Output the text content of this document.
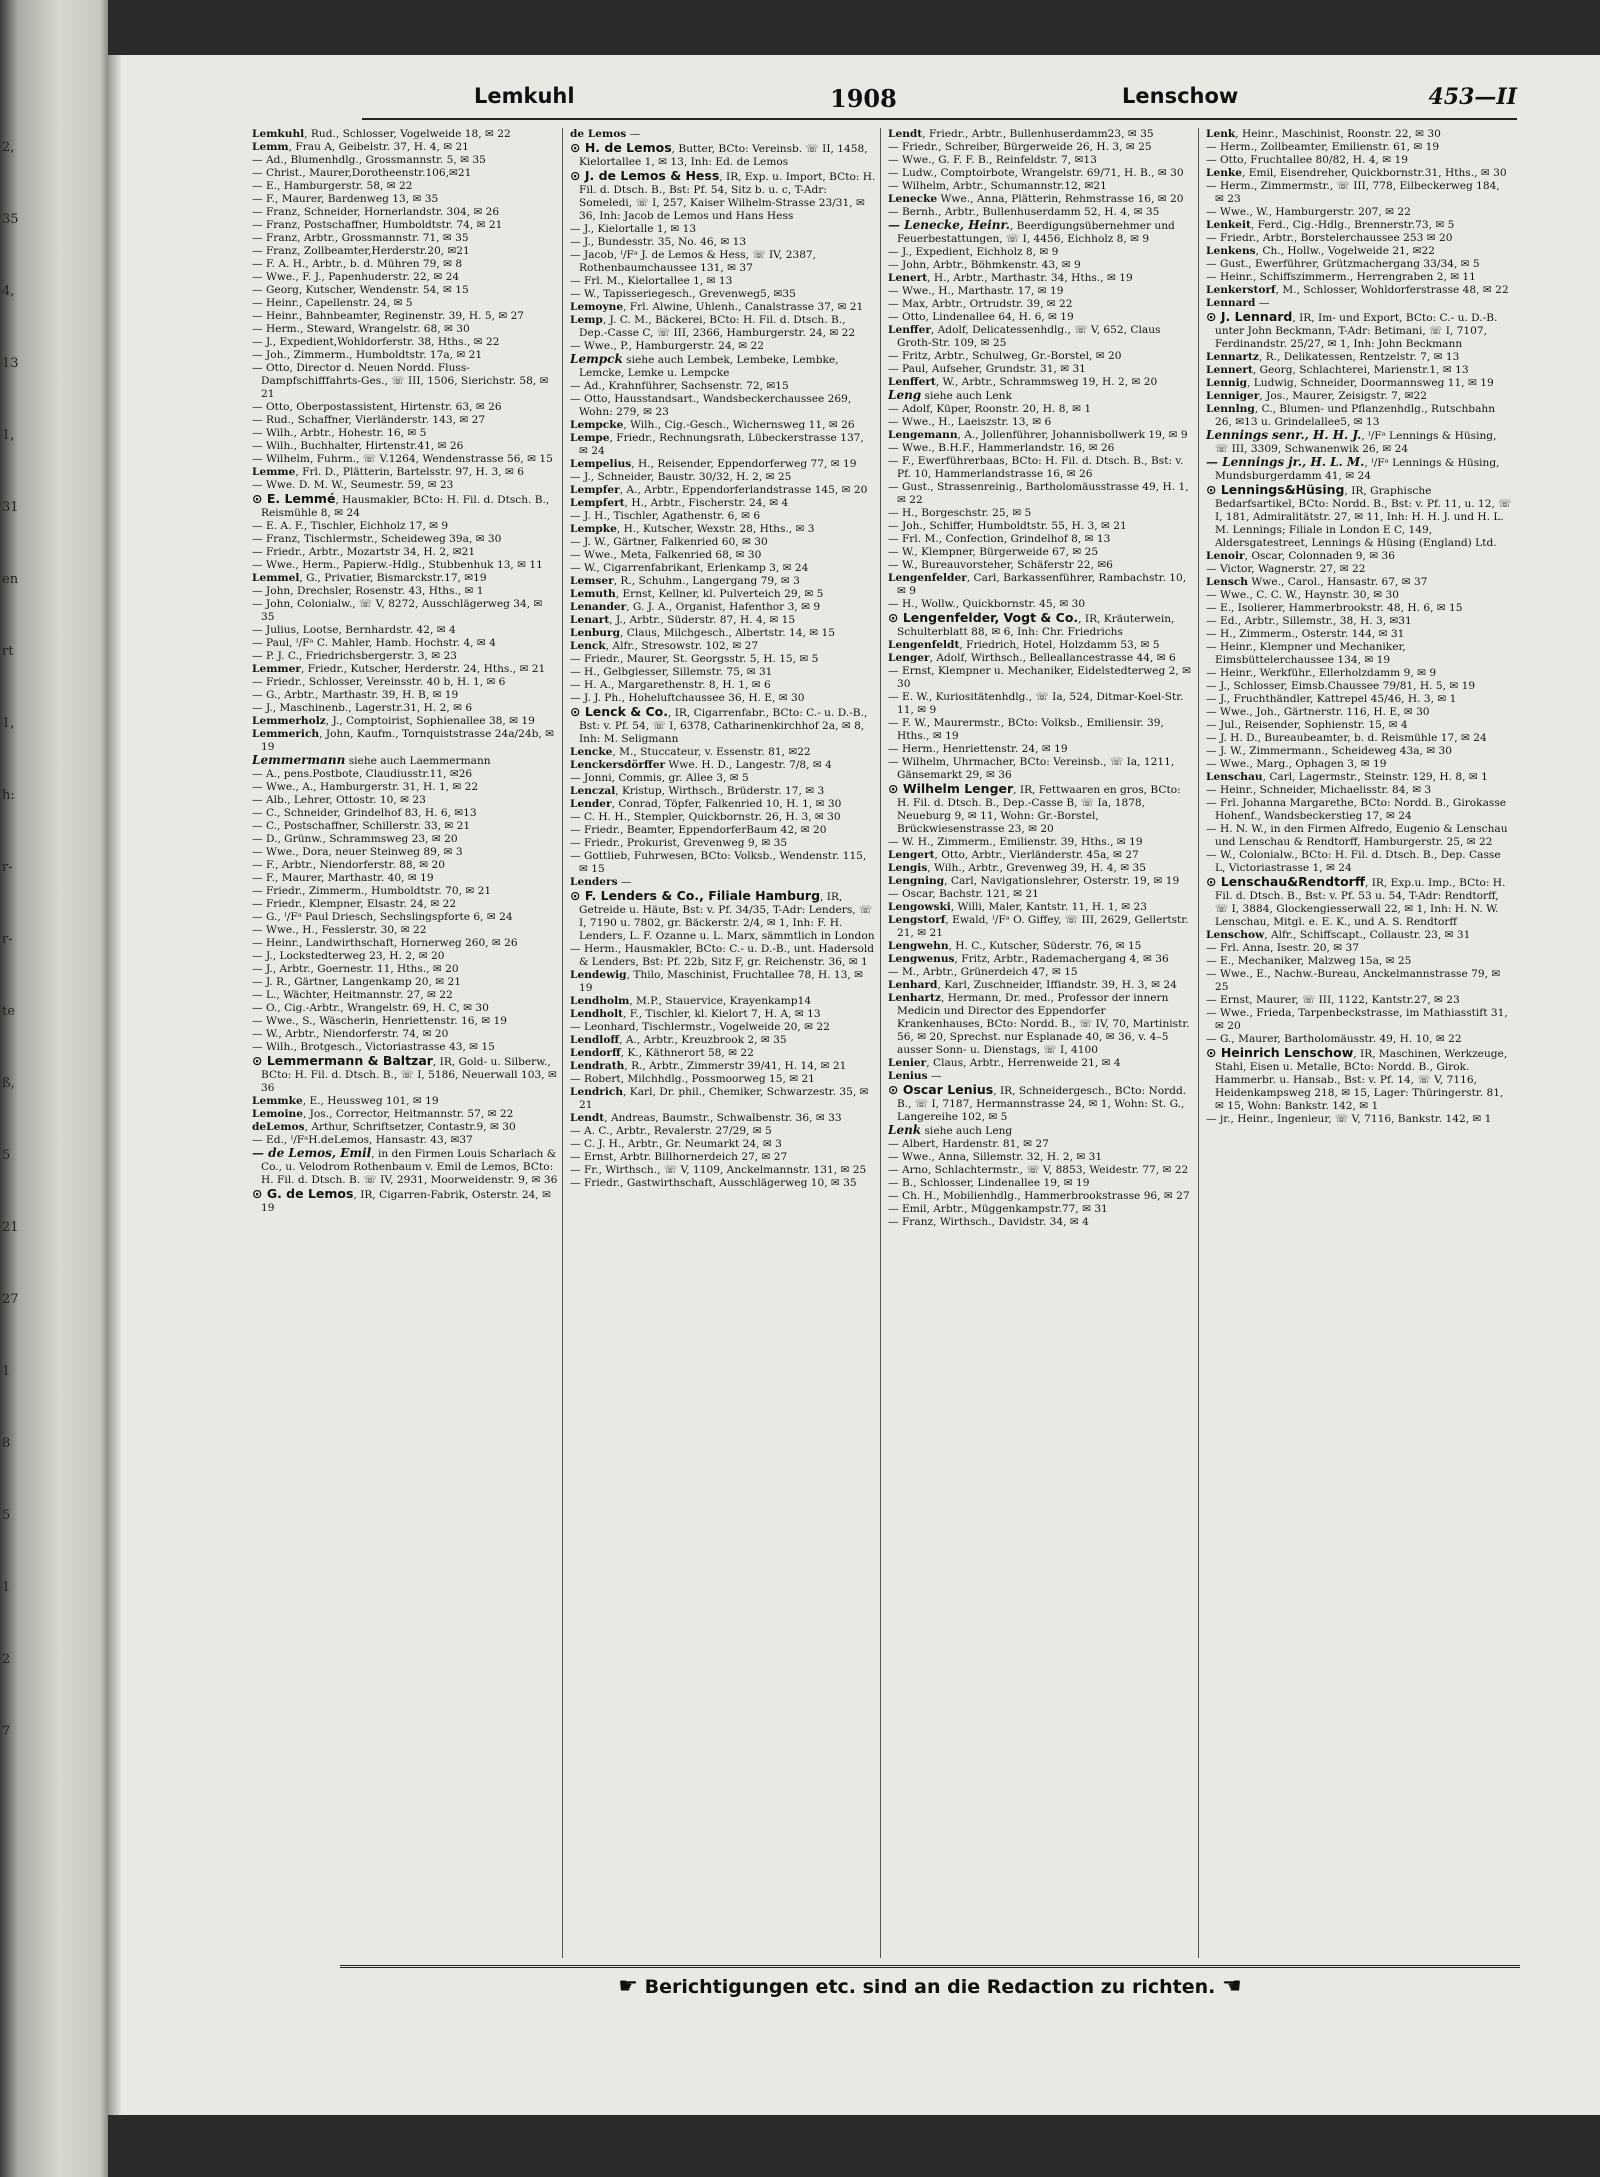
2,
35
4,
13
1,
31
en
rt
1,
h:
r-
r-
te
ß,
5
21
27
1
8
5
1
2
7
Lemkuhl	1908	Lenschow	453—II

Lemkuhl, Rud., Schlosser, Vogelweide 18, ✉ 22

Lemm, Frau A, Geibelstr. 37, H. 4, ✉ 21

— Ad., Blumenhdlg., Grossmannstr. 5, ✉ 35

— Christ., Maurer,Dorotheenstr.106,✉21

— E., Hamburgerstr. 58, ✉ 22

— F., Maurer, Bardenweg 13, ✉ 35

— Franz, Schneider, Hornerlandstr. 304, ✉ 26

— Franz, Postschaffner, Humboldtstr. 74, ✉ 21

— Franz, Arbtr., Grossmannstr. 71, ✉ 35

— Franz, Zollbeamter,Herderstr.20, ✉21

— F. A. H., Arbtr., b. d. Mühren 79, ✉ 8

— Wwe., F. J., Papenhuderstr. 22, ✉ 24

— Georg, Kutscher, Wendenstr. 54, ✉ 15

— Heinr., Capellenstr. 24, ✉ 5

— Heinr., Bahnbeamter, Reginenstr. 39, H. 5, ✉ 27

— Herm., Steward, Wrangelstr. 68, ✉ 30

— J., Expedient,Wohldorferstr. 38, Hths., ✉ 22

— Joh., Zimmerm., Humboldtstr. 17a, ✉ 21

— Otto, Director d. Neuen Nordd. Fluss-Dampfschifffahrts-Ges., ☏ III, 1506, Sierichstr. 58, ✉ 21

— Otto, Oberpostassistent, Hirtenstr. 63, ✉ 26

— Rud., Schaffner, Vierländerstr. 143, ✉ 27

— Wilh., Arbtr., Hohestr. 16, ✉ 5

— Wilh., Buchhalter, Hirtenstr.41, ✉ 26

— Wilhelm, Fuhrm., ☏ V.1264, Wendenstrasse 56, ✉ 15

Lemme, Frl. D., Plätterin, Bartelsstr. 97, H. 3, ✉ 6

— Wwe. D. M. W., Seumestr. 59, ✉ 23

⊙ E. Lemmé, Hausmakler, BCto: H. Fil. d. Dtsch. B., Reismühle 8, ✉ 24

— E. A. F., Tischler, Eichholz 17, ✉ 9

— Franz, Tischlermstr., Scheideweg 39a, ✉ 30

— Friedr., Arbtr., Mozartstr 34, H. 2, ✉21

— Wwe., Herm., Papierw.-Hdlg., Stubbenhuk 13, ✉ 11

Lemmel, G., Privatier, Bismarckstr.17, ✉19

— John, Drechsler, Rosenstr. 43, Hths., ✉ 1

— John, Colonialw., ☏ V, 8272, Ausschlägerweg 34, ✉ 35

— Julius, Lootse, Bernhardstr. 42, ✉ 4

— Paul, ᴵ/Fᵃ C. Mahler, Hamb. Hochstr. 4, ✉ 4

— P. J. C., Friedrichsbergerstr. 3, ✉ 23

Lemmer, Friedr., Kutscher, Herderstr. 24, Hths., ✉ 21

— Friedr., Schlosser, Vereinsstr. 40 b, H. 1, ✉ 6

— G., Arbtr., Marthastr. 39, H. B, ✉ 19

— J., Maschinenb., Lagerstr.31, H. 2, ✉ 6

Lemmerholz, J., Comptoirist, Sophienallee 38, ✉ 19

Lemmerich, John, Kaufm., Tornquiststrasse 24a/24b, ✉ 19

Lemmermann siehe auch Laemmermann

— A., pens.Postbote, Claudiusstr.11, ✉26

— Wwe., A., Hamburgerstr. 31, H. 1, ✉ 22

— Alb., Lehrer, Ottostr. 10, ✉ 23

— C., Schneider, Grindelhof 83, H. 6, ✉13

— C., Postschaffner, Schillerstr. 33, ✉ 21

— D., Grünw., Schrammsweg 23, ✉ 20

— Wwe., Dora, neuer Steinweg 89, ✉ 3

— F., Arbtr., Niendorferstr. 88, ✉ 20

— F., Maurer, Marthastr. 40, ✉ 19

— Friedr., Zimmerm., Humboldtstr. 70, ✉ 21

— Friedr., Klempner, Elsastr. 24, ✉ 22

— G., ᴵ/Fᵃ Paul Driesch, Sechslingspforte 6, ✉ 24

— Wwe., H., Fesslerstr. 30, ✉ 22

— Heinr., Landwirthschaft, Hornerweg 260, ✉ 26

— J., Lockstedterweg 23, H. 2, ✉ 20

— J., Arbtr., Goernestr. 11, Hths., ✉ 20

— J. R., Gärtner, Langenkamp 20, ✉ 21

— L., Wächter, Heitmannstr. 27, ✉ 22

— O., Cig.-Arbtr., Wrangelstr. 69, H. C, ✉ 30

— Wwe., S., Wäscherin, Henriettenstr. 16, ✉ 19

— W., Arbtr., Niendorferstr. 74, ✉ 20

— Wilh., Brotgesch., Victoriastrasse 43, ✉ 15

⊙ Lemmermann & Baltzar, IR, Gold- u. Silberw., BCto: H. Fil. d. Dtsch. B., ☏ I, 5186, Neuerwall 103, ✉ 36

Lemmke, E., Heussweg 101, ✉ 19

Lemoine, Jos., Corrector, Heitmannstr. 57, ✉ 22

deLemos, Arthur, Schriftsetzer, Contastr.9, ✉ 30

— Ed., ᴵ/FᵃH.deLemos, Hansastr. 43, ✉37

— de Lemos, Emil, in den Firmen Louis Scharlach & Co., u. Velodrom Rothenbaum v. Emil de Lemos, BCto: H. Fil. d. Dtsch. B. ☏ IV, 2931, Moorweidenstr. 9, ✉ 36

⊙ G. de Lemos, IR, Cigarren-Fabrik, Osterstr. 24, ✉ 19

de Lemos —

⊙ H. de Lemos, Butter, BCto: Vereinsb. ☏ II, 1458, Kielortallee 1, ✉ 13, Inh: Ed. de Lemos

⊙ J. de Lemos & Hess, IR, Exp. u. Import, BCto: H. Fil. d. Dtsch. B., Bst: Pf. 54, Sitz b. u. c, T-Adr: Someledi, ☏ I, 257, Kaiser Wilhelm-Strasse 23/31, ✉ 36, Inh: Jacob de Lemos und Hans Hess

— J., Kielortalle 1, ✉ 13

— J., Bundesstr. 35, No. 46, ✉ 13

— Jacob, ᴵ/Fᵃ J. de Lemos & Hess, ☏ IV, 2387, Rothenbaumchaussee 131, ✉ 37

— Frl. M., Kielortallee 1, ✉ 13

— W., Tapisseriegesch., Grevenweg5, ✉35

Lemoyne, Frl. Alwine, Uhlenh., Canalstrasse 37, ✉ 21

Lemp, J. C. M., Bäckerei, BCto: H. Fil. d. Dtsch. B., Dep.-Casse C, ☏ III, 2366, Hamburgerstr. 24, ✉ 22

— Wwe., P., Hamburgerstr. 24, ✉ 22

Lempck siehe auch Lembek, Lembeke, Lembke, Lemcke, Lemke u. Lempcke

— Ad., Krahnführer, Sachsenstr. 72, ✉15

— Otto, Hausstandsart., Wandsbeckerchaussee 269, Wohn: 279, ✉ 23

Lempcke, Wilh., Cig.-Gesch., Wichernsweg 11, ✉ 26

Lempe, Friedr., Rechnungsrath, Lübeckerstrasse 137, ✉ 24

Lempelius, H., Reisender, Eppendorferweg 77, ✉ 19

— J., Schneider, Baustr. 30/32, H. 2, ✉ 25

Lempfer, A., Arbtr., Eppendorferlandstrasse 145, ✉ 20

Lempfert, H., Arbtr., Fischerstr. 24, ✉ 4

— J. H., Tischler, Agathenstr. 6, ✉ 6

Lempke, H., Kutscher, Wexstr. 28, Hths., ✉ 3

— J. W., Gärtner, Falkenried 60, ✉ 30

— Wwe., Meta, Falkenried 68, ✉ 30

— W., Cigarrenfabrikant, Erlenkamp 3, ✉ 24

Lemser, R., Schuhm., Langergang 79, ✉ 3

Lemuth, Ernst, Kellner, kl. Pulverteich 29, ✉ 5

Lenander, G. J. A., Organist, Hafenthor 3, ✉ 9

Lenart, J., Arbtr., Süderstr. 87, H. 4, ✉ 15

Lenburg, Claus, Milchgesch., Albertstr. 14, ✉ 15

Lenck, Alfr., Stresowstr. 102, ✉ 27

— Friedr., Maurer, St. Georgsstr. 5, H. 15, ✉ 5

— H., Gelbgiesser, Sillemstr. 75, ✉ 31

— H. A., Margarethenstr. 8, H. 1, ✉ 6

— J. J. Ph., Hoheluftchaussee 36, H. E, ✉ 30

⊙ Lenck & Co., IR, Cigarrenfabr., BCto: C.- u. D.-B., Bst: v. Pf. 54, ☏ I, 6378, Catharinenkirchhof 2a, ✉ 8, Inh: M. Seligmann

Lencke, M., Stuccateur, v. Essenstr. 81, ✉22

Lenckersdörffer Wwe. H. D., Langestr. 7/8, ✉ 4

— Jonni, Commis, gr. Allee 3, ✉ 5

Lenczal, Kristup, Wirthsch., Brüderstr. 17, ✉ 3

Lender, Conrad, Töpfer, Falkenried 10, H. 1, ✉ 30

— C. H. H., Stempler, Quickbornstr. 26, H. 3, ✉ 30

— Friedr., Beamter, EppendorferBaum 42, ✉ 20

— Friedr., Prokurist, Grevenweg 9, ✉ 35

— Gottlieb, Fuhrwesen, BCto: Volksb., Wendenstr. 115, ✉ 15

Lenders —

⊙ F. Lenders & Co., Filiale Hamburg, IR, Getreide u. Häute, Bst: v. Pf. 34/35, T-Adr: Lenders, ☏ I, 7190 u. 7802, gr. Bäckerstr. 2/4, ✉ 1, Inh: F. H. Lenders, L. F. Ozanne u. L. Marx, sämmtlich in London

— Herm., Hausmakler, BCto: C.- u. D.-B., unt. Hadersold & Lenders, Bst: Pf. 22b, Sitz F, gr. Reichenstr. 36, ✉ 1

Lendewig, Thilo, Maschinist, Fruchtallee 78, H. 13, ✉ 19

Lendholm, M.P., Stauervice, Krayenkamp14

Lendholt, F., Tischler, kl. Kielort 7, H. A, ✉ 13

— Leonhard, Tischlermstr., Vogelweide 20, ✉ 22

Lendloff, A., Arbtr., Kreuzbrook 2, ✉ 35

Lendorff, K., Käthnerort 58, ✉ 22

Lendrath, R., Arbtr., Zimmerstr 39/41, H. 14, ✉ 21

— Robert, Milchhdlg., Possmoorweg 15, ✉ 21

Lendrich, Karl, Dr. phil., Chemiker, Schwarzestr. 35, ✉ 21

Lendt, Andreas, Baumstr., Schwalbenstr. 36, ✉ 33

— A. C., Arbtr., Revalerstr. 27/29, ✉ 5

— C. J. H., Arbtr., Gr. Neumarkt 24, ✉ 3

— Ernst, Arbtr. Billhornerdeich 27, ✉ 27

— Fr., Wirthsch., ☏ V, 1109, Anckelmannstr. 131, ✉ 25

— Friedr., Gastwirthschaft, Ausschlägerweg 10, ✉ 35

Lendt, Friedr., Arbtr., Bullenhuserdamm23, ✉ 35

— Friedr., Schreiber, Bürgerweide 26, H. 3, ✉ 25

— Wwe., G. F. F. B., Reinfeldstr. 7, ✉13

— Ludw., Comptoirbote, Wrangelstr. 69/71, H. B., ✉ 30

— Wilhelm, Arbtr., Schumannstr.12, ✉21

Lenecke Wwe., Anna, Plätterin, Rehmstrasse 16, ✉ 20

— Bernh., Arbtr., Bullenhuserdamm 52, H. 4, ✉ 35

— Lenecke, Heinr., Beerdigungsübernehmer und Feuerbestattungen, ☏ I, 4456, Eichholz 8, ✉ 9

— J., Expedient, Eichholz 8, ✉ 9

— John, Arbtr., Böhmkenstr. 43, ✉ 9

Lenert, H., Arbtr., Marthastr. 34, Hths., ✉ 19

— Wwe., H., Marthastr. 17, ✉ 19

— Max, Arbtr., Ortrudstr. 39, ✉ 22

— Otto, Lindenallee 64, H. 6, ✉ 19

Lenffer, Adolf, Delicatessenhdlg., ☏ V, 652, Claus Groth-Str. 109, ✉ 25

— Fritz, Arbtr., Schulweg, Gr.-Borstel, ✉ 20

— Paul, Aufseher, Grundstr. 31, ✉ 31

Lenffert, W., Arbtr., Schrammsweg 19, H. 2, ✉ 20

Leng siehe auch Lenk

— Adolf, Küper, Roonstr. 20, H. 8, ✉ 1

— Wwe., H., Laeiszstr. 13, ✉ 6

Lengemann, A., Jollenführer, Johannisbollwerk 19, ✉ 9

— Wwe., B.H.F., Hammerlandstr. 16, ✉ 26

— F., Ewerführerbaas, BCto: H. Fil. d. Dtsch. B., Bst: v. Pf. 10, Hammerlandstrasse 16, ✉ 26

— Gust., Strassenreinig., Bartholomäusstrasse 49, H. 1, ✉ 22

— H., Borgeschstr. 25, ✉ 5

— Joh., Schiffer, Humboldtstr. 55, H. 3, ✉ 21

— Frl. M., Confection, Grindelhof 8, ✉ 13

— W., Klempner, Bürgerweide 67, ✉ 25

— W., Bureauvorsteher, Schäferstr 22, ✉6

Lengenfelder, Carl, Barkassenführer, Rambachstr. 10, ✉ 9

— H., Wollw., Quickbornstr. 45, ✉ 30

⊙ Lengenfelder, Vogt & Co., IR, Kräuterwein, Schulterblatt 88, ✉ 6, Inh: Chr. Friedrichs

Lengenfeldt, Friedrich, Hotel, Holzdamm 53, ✉ 5

Lenger, Adolf, Wirthsch., Belleallancestrasse 44, ✉ 6

— Ernst, Klempner u. Mechaniker, Eidelstedterweg 2, ✉ 30

— E. W., Kuriositätenhdlg., ☏ Ia, 524, Ditmar-Koel-Str. 11, ✉ 9

— F. W., Maurermstr., BCto: Volksb., Emiliensir. 39, Hths., ✉ 19

— Herm., Henriettenstr. 24, ✉ 19

— Wilhelm, Uhrmacher, BCto: Vereinsb., ☏ Ia, 1211, Gänsemarkt 29, ✉ 36

⊙ Wilhelm Lenger, IR, Fettwaaren en gros, BCto: H. Fil. d. Dtsch. B., Dep.-Casse B, ☏ Ia, 1878, Neueburg 9, ✉ 11, Wohn: Gr.-Borstel, Brückwiesenstrasse 23, ✉ 20

— W. H., Zimmerm., Emilienstr. 39, Hths., ✉ 19

Lengert, Otto, Arbtr., Vierländerstr. 45a, ✉ 27

Lengis, Wilh., Arbtr., Grevenweg 39, H. 4, ✉ 35

Lengning, Carl, Navigationslehrer, Osterstr. 19, ✉ 19

— Oscar, Bachstr. 121, ✉ 21

Lengowski, Willi, Maler, Kantstr. 11, H. 1, ✉ 23

Lengstorf, Ewald, ᴵ/Fᵃ O. Giffey, ☏ III, 2629, Gellertstr. 21, ✉ 21

Lengwehn, H. C., Kutscher, Süderstr. 76, ✉ 15

Lengwenus, Fritz, Arbtr., Rademachergang 4, ✉ 36

— M., Arbtr., Grünerdeich 47, ✉ 15

Lenhard, Karl, Zuschneider, Iffiandstr. 39, H. 3, ✉ 24

Lenhartz, Hermann, Dr. med., Professor der innern Medicin und Director des Eppendorfer Krankenhauses, BCto: Nordd. B., ☏ IV, 70, Martinistr. 56, ✉ 20, Sprechst. nur Esplanade 40, ✉ 36, v. 4–5 ausser Sonn- u. Dienstags, ☏ I, 4100

Lenier, Claus, Arbtr., Herrenweide 21, ✉ 4

Lenius —

⊙ Oscar Lenius, IR, Schneidergesch., BCto: Nordd. B., ☏ I, 7187, Hermannstrasse 24, ✉ 1, Wohn: St. G., Langereihe 102, ✉ 5

Lenk siehe auch Leng

— Albert, Hardenstr. 81, ✉ 27

— Wwe., Anna, Sillemstr. 32, H. 2, ✉ 31

— Arno, Schlachtermstr., ☏ V, 8853, Weidestr. 77, ✉ 22

— B., Schlosser, Lindenallee 19, ✉ 19

— Ch. H., Mobilienhdlg., Hammerbrookstrasse 96, ✉ 27

— Emil, Arbtr., Müggenkampstr.77, ✉ 31

— Franz, Wirthsch., Davidstr. 34, ✉ 4

Lenk, Heinr., Maschinist, Roonstr. 22, ✉ 30

— Herm., Zollbeamter, Emilienstr. 61, ✉ 19

— Otto, Fruchtallee 80/82, H. 4, ✉ 19

Lenke, Emil, Eisendreher, Quickbornstr.31, Hths., ✉ 30

— Herm., Zimmermstr., ☏ III, 778, Eilbeckerweg 184, ✉ 23

— Wwe., W., Hamburgerstr. 207, ✉ 22

Lenkeit, Ferd., Cig.-Hdlg., Brennerstr.73, ✉ 5

— Friedr., Arbtr., Borstelerchaussee 253 ✉ 20

Lenkens, Ch., Hollw., Vogelweide 21, ✉22

— Gust., Ewerführer, Grützmachergang 33/34, ✉ 5

— Heinr., Schiffszimmerm., Herrengraben 2, ✉ 11

Lenkerstorf, M., Schlosser, Wohldorferstrasse 48, ✉ 22

Lennard —

⊙ J. Lennard, IR, Im- und Export, BCto: C.- u. D.-B. unter John Beckmann, T-Adr: Betimani, ☏ I, 7107, Ferdinandstr. 25/27, ✉ 1, Inh: John Beckmann

Lennartz, R., Delikatessen, Rentzelstr. 7, ✉ 13

Lennert, Georg, Schlachterei, Marienstr.1, ✉ 13

Lennig, Ludwig, Schneider, Doormannsweg 11, ✉ 19

Lenniger, Jos., Maurer, Zeisigstr. 7, ✉22

Lennlng, C., Blumen- und Pflanzenhdlg., Rutschbahn 26, ✉13 u. Grindelallee5, ✉ 13

Lennings senr., H. H. J., ᴵ/Fᵃ Lennings & Hüsing, ☏ III, 3309, Schwanenwik 26, ✉ 24

— Lennings jr., H. L. M., ᴵ/Fᵃ Lennings & Hüsing, Mundsburgerdamm 41, ✉ 24

⊙ Lennings&Hüsing, IR, Graphische Bedarfsartikel, BCto: Nordd. B., Bst: v. Pf. 11, u. 12, ☏ I, 181, Admiralitätstr. 27, ✉ 11, Inh: H. H. J. und H. L. M. Lennings; Filiale in London E C, 149, Aldersgatestreet, Lennings & Hüsing (England) Ltd.

Lenoir, Oscar, Colonnaden 9, ✉ 36

— Victor, Wagnerstr. 27, ✉ 22

Lensch Wwe., Carol., Hansastr. 67, ✉ 37

— Wwe., C. C. W., Haynstr. 30, ✉ 30

— E., Isolierer, Hammerbrookstr. 48, H. 6, ✉ 15

— Ed., Arbtr., Sillemstr., 38, H. 3, ✉31

— H., Zimmerm., Osterstr. 144, ✉ 31

— Heinr., Klempner und Mechaniker, Eimsbüttelerchaussee 134, ✉ 19

— Heinr., Werkführ., Ellerholzdamm 9, ✉ 9

— J., Schlosser, Eimsb.Chaussee 79/81, H. 5, ✉ 19

— J., Fruchthändler, Kattrepel 45/46, H. 3, ✉ 1

— Wwe., Joh., Gärtnerstr. 116, H. E, ✉ 30

— Jul., Reisender, Sophienstr. 15, ✉ 4

— J. H. D., Bureaubeamter, b. d. Reismühle 17, ✉ 24

— J. W., Zimmermann., Scheideweg 43a, ✉ 30

— Wwe., Marg., Ophagen 3, ✉ 19

Lenschau, Carl, Lagermstr., Steinstr. 129, H. 8, ✉ 1

— Heinr., Schneider, Michaelisstr. 84, ✉ 3

— Frl. Johanna Margarethe, BCto: Nordd. B., Girokasse Hohenf., Wandsbeckerstieg 17, ✉ 24

— H. N. W., in den Firmen Alfredo, Eugenio & Lenschau und Lenschau & Rendtorff, Hamburgerstr. 25, ✉ 22

— W., Colonialw., BCto: H. Fil. d. Dtsch. B., Dep. Casse L, Victoriastrasse 1, ✉ 24

⊙ Lenschau&Rendtorff, IR, Exp.u. Imp., BCto: H. Fil. d. Dtsch. B., Bst: v. Pf. 53 u. 54, T-Adr: Rendtorff, ☏ I, 3884, Glockengiesserwall 22, ✉ 1, Inh: H. N. W. Lenschau, Mitgl. e. E. K., und A. S. Rendtorff

Lenschow, Alfr., Schiffscapt., Collaustr. 23, ✉ 31

— Frl. Anna, Isestr. 20, ✉ 37

— E., Mechaniker, Malzweg 15a, ✉ 25

— Wwe., E., Nachw.-Bureau, Anckelmannstrasse 79, ✉ 25

— Ernst, Maurer, ☏ III, 1122, Kantstr.27, ✉ 23

— Wwe., Frieda, Tarpenbeckstrasse, im Mathiasstift 31, ✉ 20

— G., Maurer, Bartholomäusstr. 49, H. 10, ✉ 22

⊙ Heinrich Lenschow, IR, Maschinen, Werkzeuge, Stahl, Eisen u. Metalle, BCto: Nordd. B., Girok. Hammerbr. u. Hansab., Bst: v. Pf. 14, ☏ V, 7116, Heidenkampsweg 218, ✉ 15, Lager: Thüringerstr. 81, ✉ 15, Wohn: Bankstr. 142, ✉ 1

— jr., Heinr., Ingenieur, ☏ V, 7116, Bankstr. 142, ✉ 1

☛ Berichtigungen etc. sind an die Redaction zu richten. ☚
